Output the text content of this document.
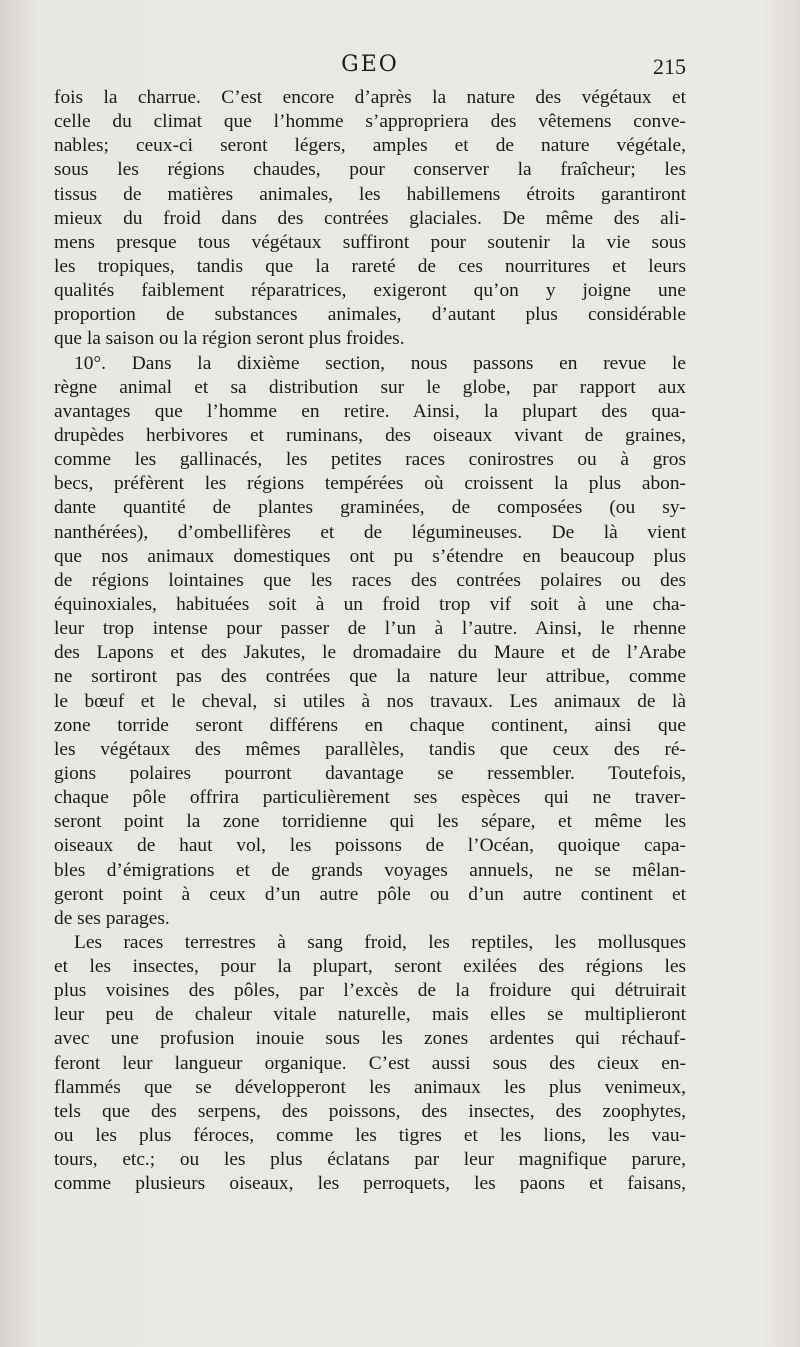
GEO	215
fois la charrue. C’est encore d’après la nature des végétaux et
celle du climat que l’homme s’appropriera des vêtemens conve-
nables; ceux-ci seront légers, amples et de nature végétale,
sous les régions chaudes, pour conserver la fraîcheur; les
tissus de matières animales, les habillemens étroits garantiront
mieux du froid dans des contrées glaciales. De même des ali-
mens presque tous végétaux suffiront pour soutenir la vie sous
les tropiques, tandis que la rareté de ces nourritures et leurs
qualités faiblement réparatrices, exigeront qu’on y joigne une
proportion de substances animales, d’autant plus considérable
que la saison ou la région seront plus froides.
10°. Dans la dixième section, nous passons en revue le
règne animal et sa distribution sur le globe, par rapport aux
avantages que l’homme en retire. Ainsi, la plupart des qua-
drupèdes herbivores et ruminans, des oiseaux vivant de graines,
comme les gallinacés, les petites races conirostres ou à gros
becs, préfèrent les régions tempérées où croissent la plus abon-
dante quantité de plantes graminées, de composées (ou sy-
nanthérées), d’ombellifères et de légumineuses. De là vient
que nos animaux domestiques ont pu s’étendre en beaucoup plus
de régions lointaines que les races des contrées polaires ou des
équinoxiales, habituées soit à un froid trop vif soit à une cha-
leur trop intense pour passer de l’un à l’autre. Ainsi, le rhenne
des Lapons et des Jakutes, le dromadaire du Maure et de l’Arabe
ne sortiront pas des contrées que la nature leur attribue, comme
le bœuf et le cheval, si utiles à nos travaux. Les animaux de là
zone torride seront différens en chaque continent, ainsi que
les végétaux des mêmes parallèles, tandis que ceux des ré-
gions polaires pourront davantage se ressembler. Toutefois,
chaque pôle offrira particulièrement ses espèces qui ne traver-
seront point la zone torridienne qui les sépare, et même les
oiseaux de haut vol, les poissons de l’Océan, quoique capa-
bles d’émigrations et de grands voyages annuels, ne se mêlan-
geront point à ceux d’un autre pôle ou d’un autre continent et
de ses parages.
Les races terrestres à sang froid, les reptiles, les mollusques
et les insectes, pour la plupart, seront exilées des régions les
plus voisines des pôles, par l’excès de la froidure qui détruirait
leur peu de chaleur vitale naturelle, mais elles se multiplieront
avec une profusion inouie sous les zones ardentes qui réchauf-
feront leur langueur organique. C’est aussi sous des cieux en-
flammés que se développeront les animaux les plus venimeux,
tels que des serpens, des poissons, des insectes, des zoophytes,
ou les plus féroces, comme les tigres et les lions, les vau-
tours, etc.; ou les plus éclatans par leur magnifique parure,
comme plusieurs oiseaux, les perroquets, les paons et faisans,
